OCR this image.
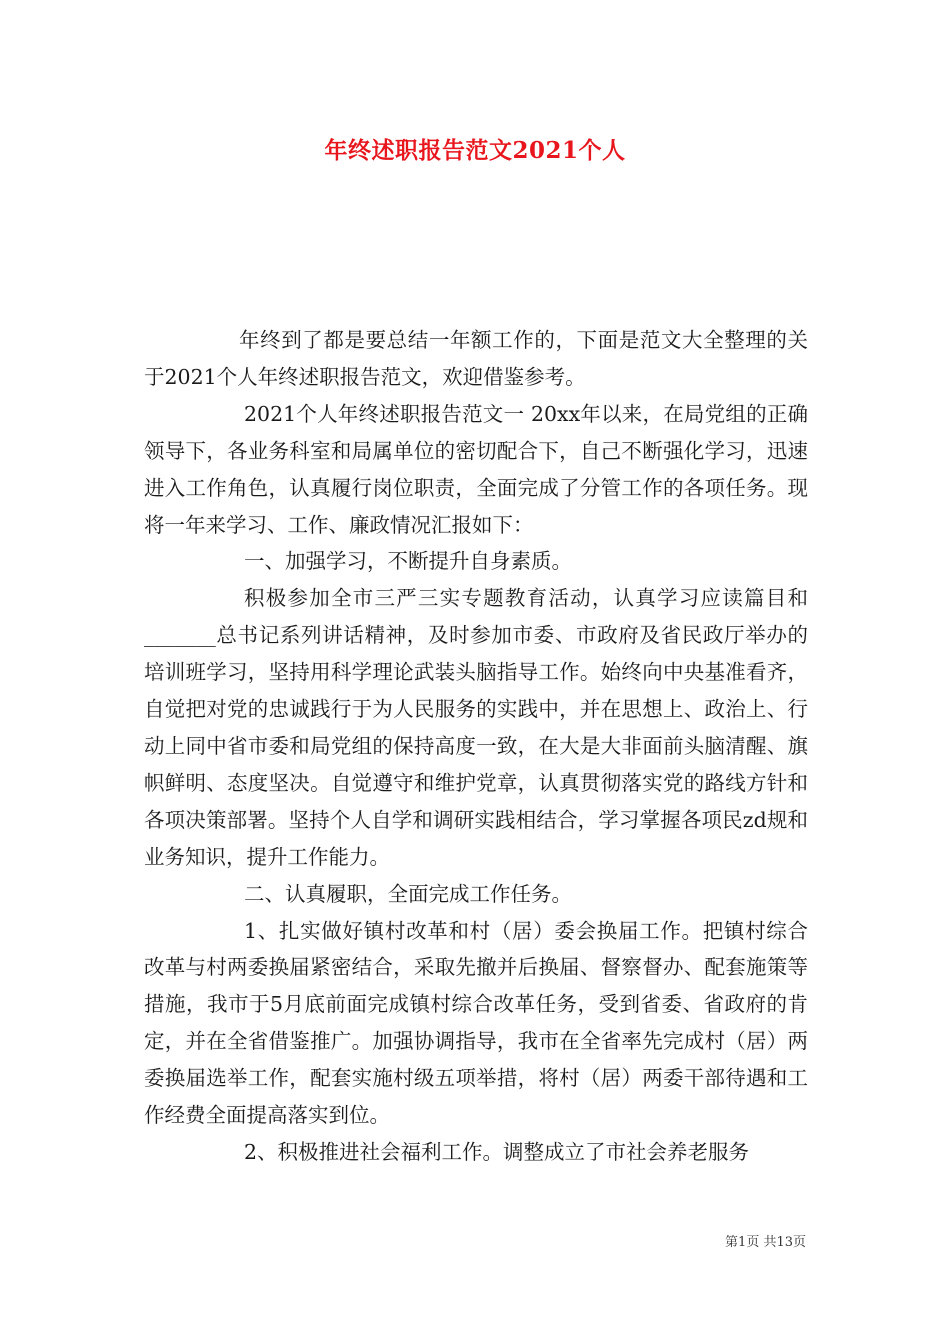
年终述职报告范文2021个人

年终到了都是要总结一年额工作的，下面是范文大全整理的关于2021个人年终述职报告范文，欢迎借鉴参考。

2021个人年终述职报告范文一 20xx年以来，在局党组的正确领导下，各业务科室和局属单位的密切配合下，自己不断强化学习，迅速进入工作角色，认真履行岗位职责，全面完成了分管工作的各项任务。现将一年来学习、工作、廉政情况汇报如下：

一、加强学习，不断提升自身素质。

积极参加全市三严三实专题教育活动，认真学习应读篇目和_______总书记系列讲话精神，及时参加市委、市政府及省民政厅举办的培训班学习，坚持用科学理论武装头脑指导工作。始终向中央基准看齐，自觉把对党的忠诚践行于为人民服务的实践中，并在思想上、政治上、行动上同中省市委和局党组的保持高度一致，在大是大非面前头脑清醒、旗帜鲜明、态度坚决。自觉遵守和维护党章，认真贯彻落实党的路线方针和各项决策部署。坚持个人自学和调研实践相结合，学习掌握各项民zd规和业务知识，提升工作能力。

二、认真履职，全面完成工作任务。

1、扎实做好镇村改革和村（居）委会换届工作。把镇村综合改革与村两委换届紧密结合，采取先撤并后换届、督察督办、配套施策等措施，我市于5月底前面完成镇村综合改革任务，受到省委、省政府的肯定，并在全省借鉴推广。加强协调指导，我市在全省率先完成村（居）两委换届选举工作，配套实施村级五项举措，将村（居）两委干部待遇和工作经费全面提高落实到位。

2、积极推进社会福利工作。调整成立了市社会养老服务

第1页 共13页
